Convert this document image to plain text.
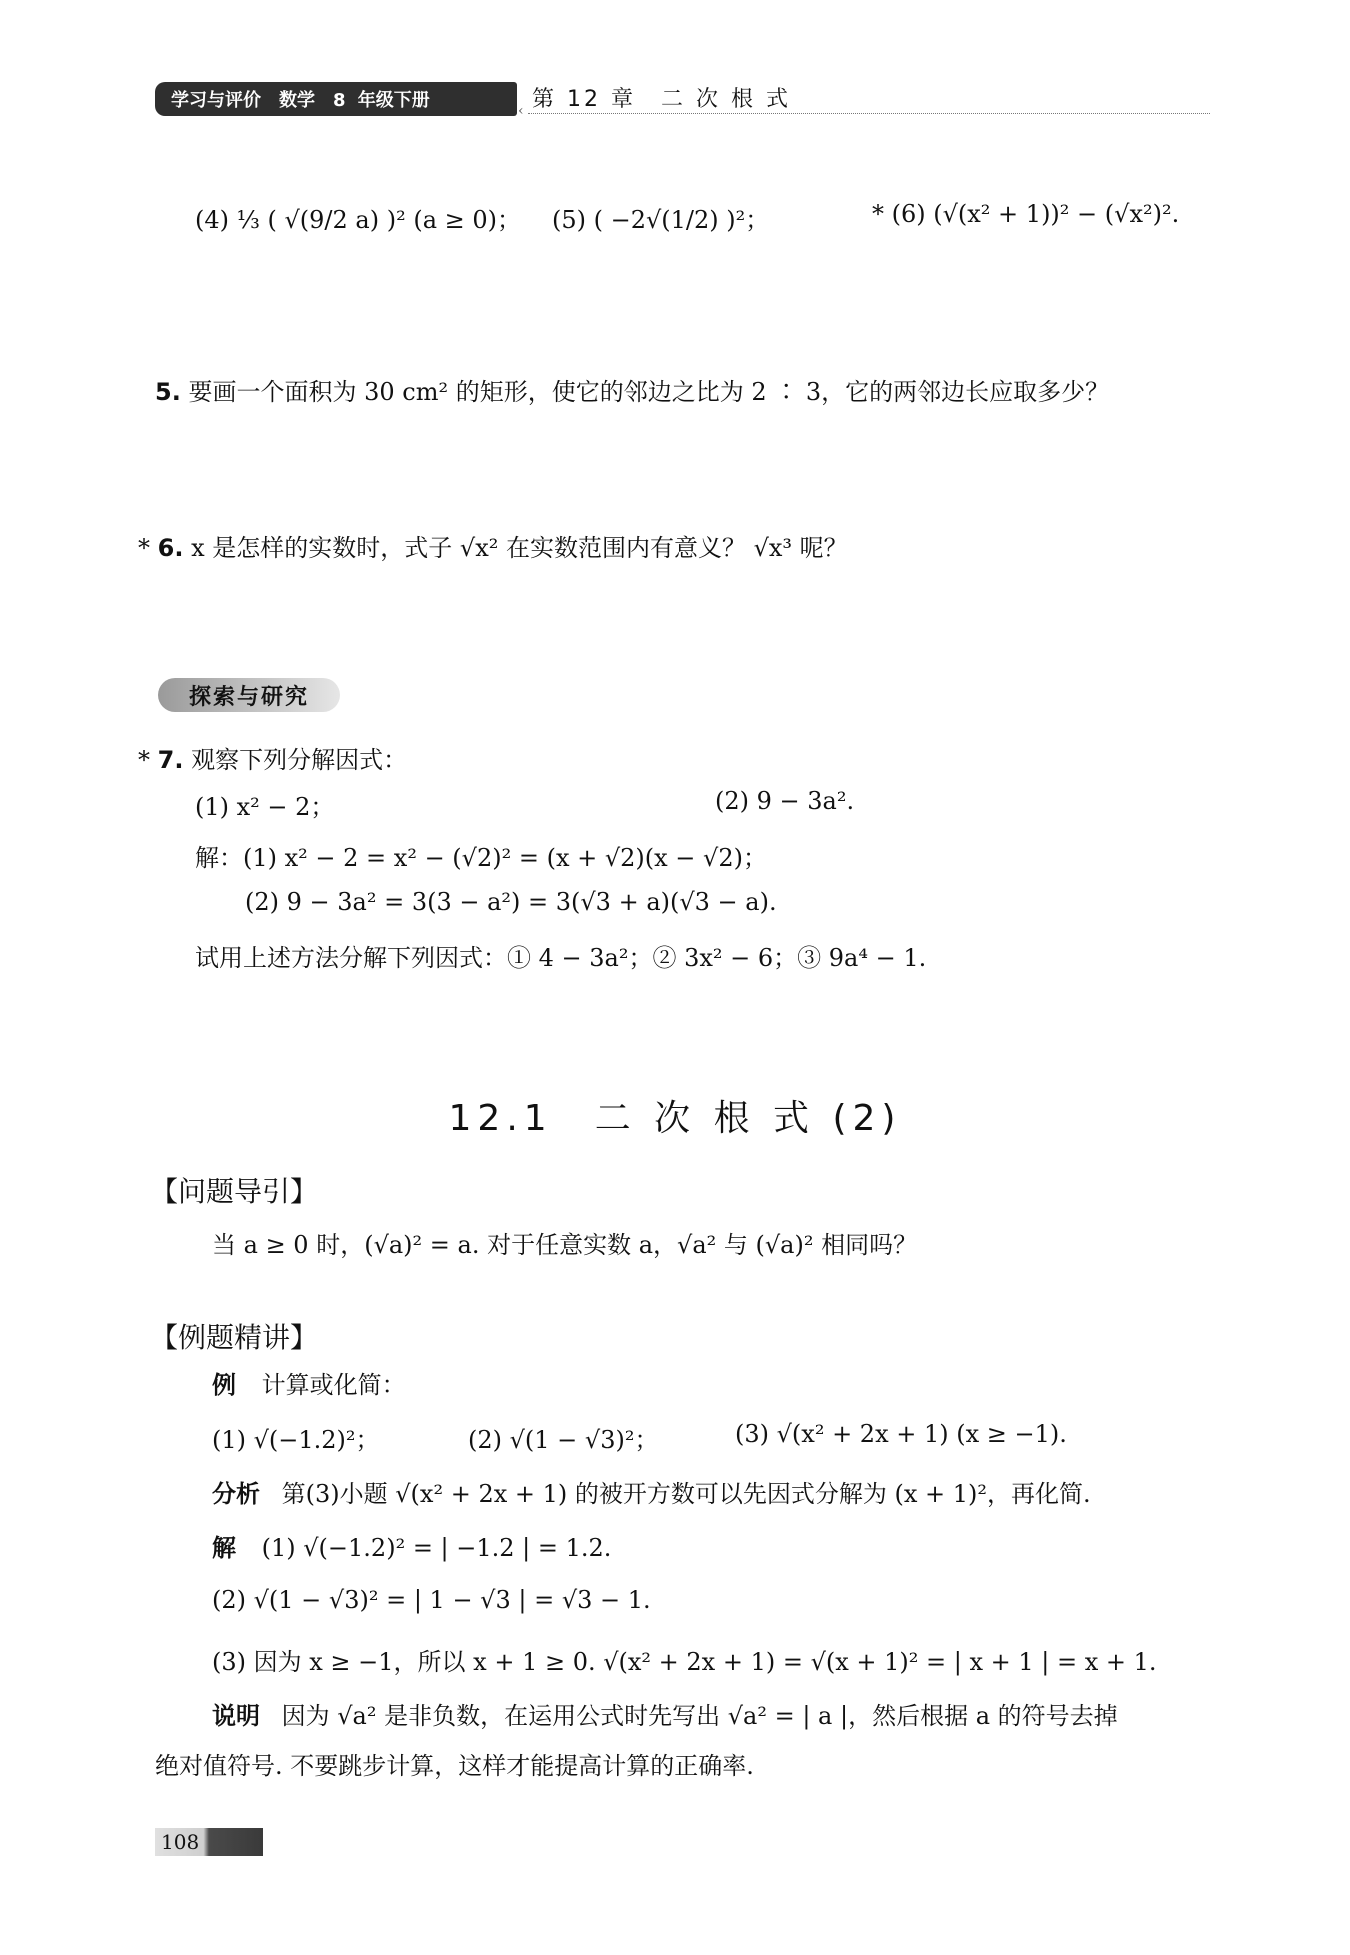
学习与评价　数学　8 年级下册	第 12 章　二 次 根 式
‹
(4) ⅓ ( √(9/2 a) )² (a ≥ 0)； (5) ( −2√(1/2) )²；	* (6) (√(x² + 1))² − (√x²)².
5. 要画一个面积为 30 cm² 的矩形，使它的邻边之比为 2 ∶ 3，它的两邻边长应取多少？
* 6. x 是怎样的实数时，式子 √x² 在实数范围内有意义？ √x³ 呢？
探索与研究
* 7. 观察下列分解因式：
(1) x² − 2；	(2) 9 − 3a².
解：(1) x² − 2 = x² − (√2)² = (x + √2)(x − √2)；
(2) 9 − 3a² = 3(3 − a²) = 3(√3 + a)(√3 − a).
试用上述方法分解下列因式：① 4 − 3a²；② 3x² − 6；③ 9a⁴ − 1.
12.1　二 次 根 式 (2)
【问题导引】
当 a ≥ 0 时，(√a)² = a. 对于任意实数 a，√a² 与 (√a)² 相同吗？
【例题精讲】
例 计算或化简：
(1) √(−1.2)²；	(2) √(1 − √3)²；	(3) √(x² + 2x + 1) (x ≥ −1).
分析 第(3)小题 √(x² + 2x + 1) 的被开方数可以先因式分解为 (x + 1)²，再化简.
解 (1) √(−1.2)² = | −1.2 | = 1.2.
(2) √(1 − √3)² = | 1 − √3 | = √3 − 1.
(3) 因为 x ≥ −1，所以 x + 1 ≥ 0. √(x² + 2x + 1) = √(x + 1)² = | x + 1 | = x + 1.
说明 因为 √a² 是非负数，在运用公式时先写出 √a² = | a |，然后根据 a 的符号去掉
绝对值符号. 不要跳步计算，这样才能提高计算的正确率.
108
